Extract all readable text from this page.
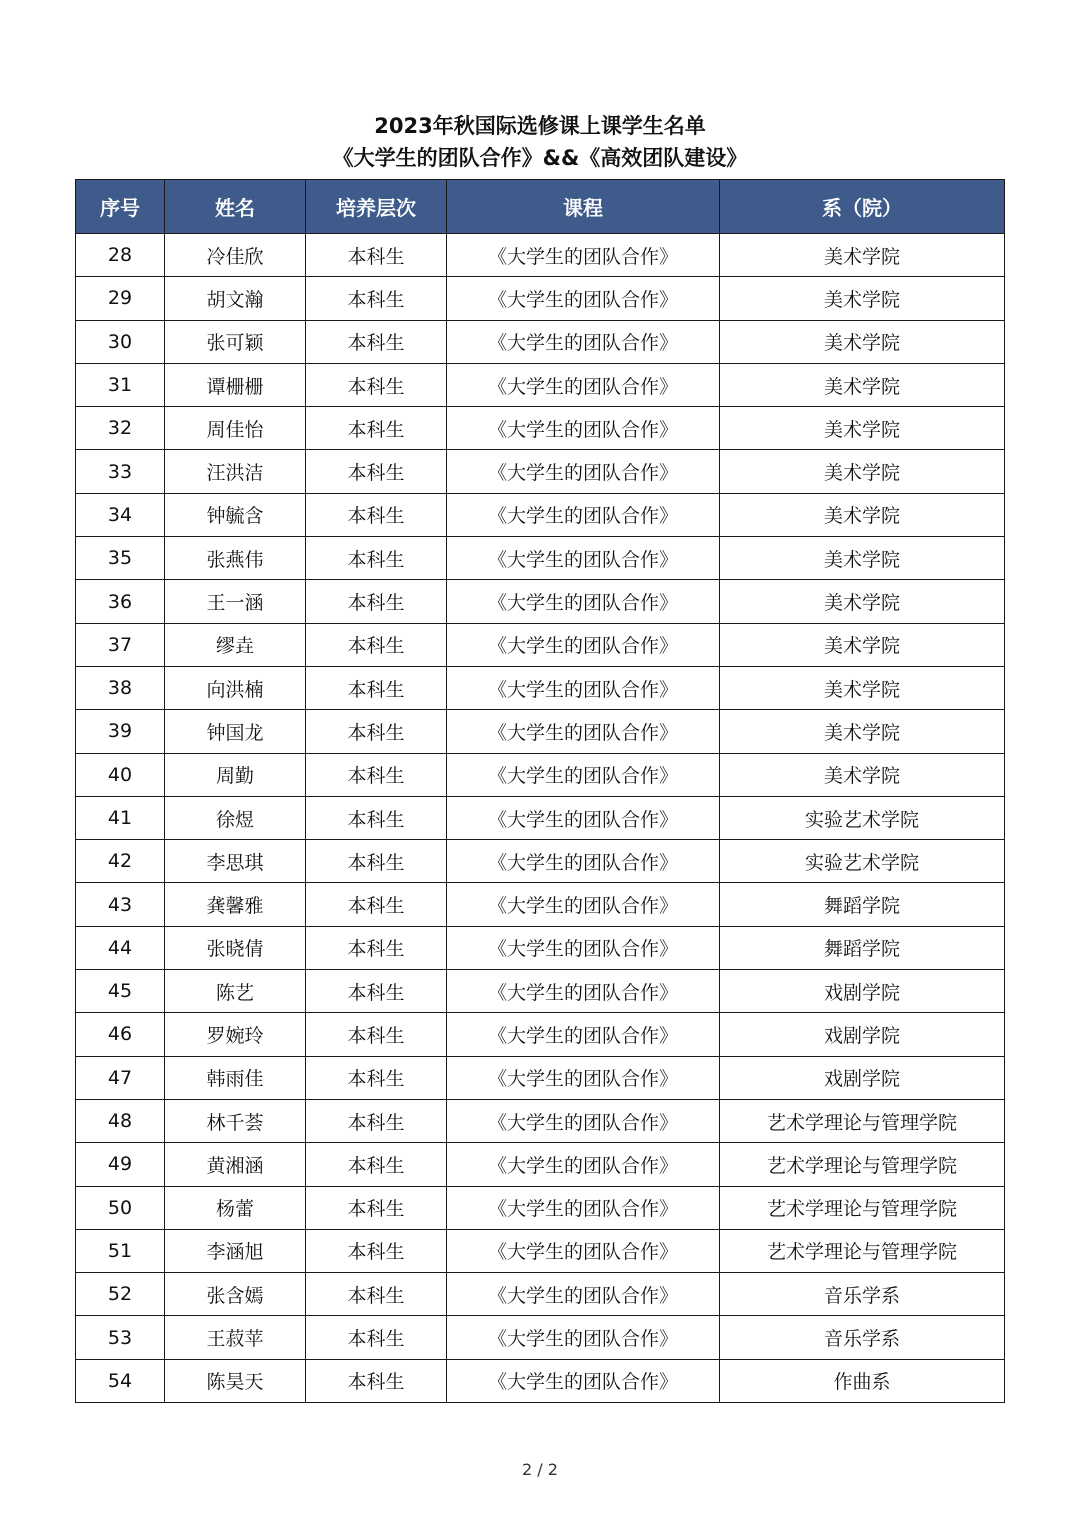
2023年秋国际选修课上课学生名单
《大学生的团队合作》&&《高效团队建设》
序号	姓名	培养层次	课程	系（院）
28	冷佳欣	本科生	《大学生的团队合作》	美术学院
29	胡文瀚	本科生	《大学生的团队合作》	美术学院
30	张可颖	本科生	《大学生的团队合作》	美术学院
31	谭栅栅	本科生	《大学生的团队合作》	美术学院
32	周佳怡	本科生	《大学生的团队合作》	美术学院
33	汪洪洁	本科生	《大学生的团队合作》	美术学院
34	钟毓含	本科生	《大学生的团队合作》	美术学院
35	张燕伟	本科生	《大学生的团队合作》	美术学院
36	王一涵	本科生	《大学生的团队合作》	美术学院
37	缪垚	本科生	《大学生的团队合作》	美术学院
38	向洪楠	本科生	《大学生的团队合作》	美术学院
39	钟国龙	本科生	《大学生的团队合作》	美术学院
40	周勤	本科生	《大学生的团队合作》	美术学院
41	徐煜	本科生	《大学生的团队合作》	实验艺术学院
42	李思琪	本科生	《大学生的团队合作》	实验艺术学院
43	龚馨雅	本科生	《大学生的团队合作》	舞蹈学院
44	张晓倩	本科生	《大学生的团队合作》	舞蹈学院
45	陈艺	本科生	《大学生的团队合作》	戏剧学院
46	罗婉玲	本科生	《大学生的团队合作》	戏剧学院
47	韩雨佳	本科生	《大学生的团队合作》	戏剧学院
48	林千荟	本科生	《大学生的团队合作》	艺术学理论与管理学院
49	黄湘涵	本科生	《大学生的团队合作》	艺术学理论与管理学院
50	杨蕾	本科生	《大学生的团队合作》	艺术学理论与管理学院
51	李涵旭	本科生	《大学生的团队合作》	艺术学理论与管理学院
52	张含嫣	本科生	《大学生的团队合作》	音乐学系
53	王菽苹	本科生	《大学生的团队合作》	音乐学系
54	陈昊天	本科生	《大学生的团队合作》	作曲系
2 / 2
